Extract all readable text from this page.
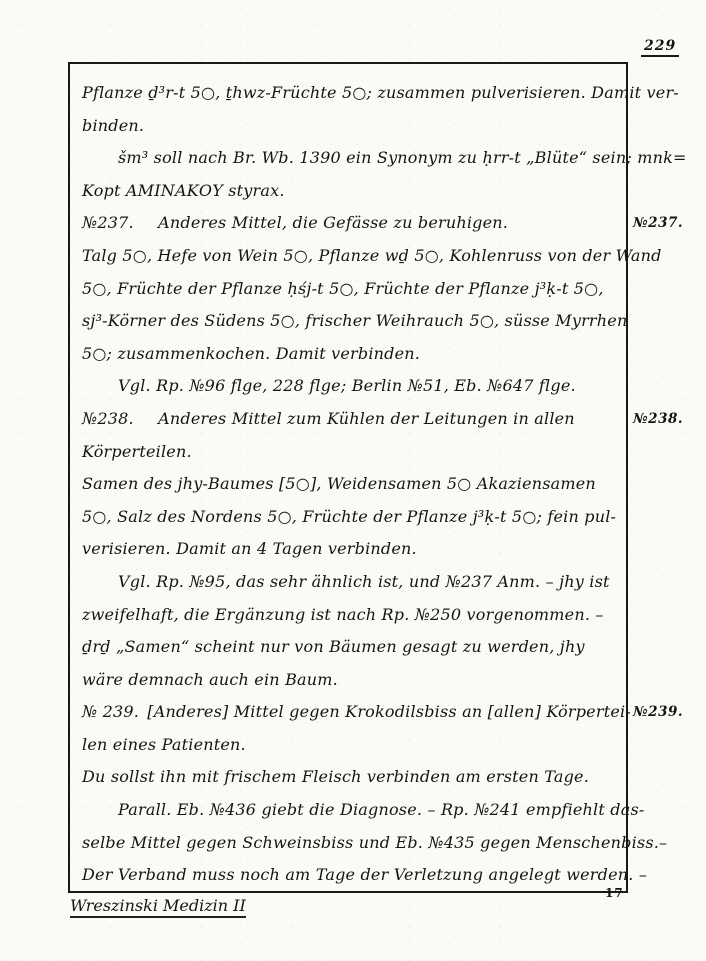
229
Pflanze ḏ³r-t 5○, ṯhwz-Früchte 5○; zusammen pulverisieren. Damit ver-
binden.
šm³ soll nach Br. Wb. 1390 ein Synonym zu ḥrr-t „Blüte“ sein; mnk=
Kopt ΑΜΙΝΑΚΟΥ styrax.
№237.  Anderes Mittel, die Gefässe zu beruhigen.	№237.
Talg 5○, Hefe von Wein 5○, Pflanze wḏ 5○, Kohlenruss von der Wand
5○, Früchte der Pflanze ḥśj-t 5○, Früchte der Pflanze j³ḳ-t 5○,
sj³-Körner des Südens 5○, frischer Weihrauch 5○, süsse Myrrhen
5○; zusammenkochen. Damit verbinden.
Vgl. Rp. №96 flge, 228 flge; Berlin №51, Eb. №647 flge.
№238.  Anderes Mittel zum Kühlen der Leitungen in allen	№238.
Körperteilen.
Samen des jhy-Baumes [5○], Weidensamen 5○ Akaziensamen
5○, Salz des Nordens 5○, Früchte der Pflanze j³ḳ-t 5○; fein pul-
verisieren. Damit an 4 Tagen verbinden.
Vgl. Rp. №95, das sehr ähnlich ist, und №237 Anm. – jhy ist
zweifelhaft, die Ergänzung ist nach Rp. №250 vorgenommen. –
ḏrḏ „Samen“ scheint nur von Bäumen gesagt zu werden, jhy
wäre demnach auch ein Baum.
№ 239. [Anderes] Mittel gegen Krokodilsbiss an [allen] Körpertei- №239.
len eines Patienten.
Du sollst ihn mit frischem Fleisch verbinden am ersten Tage.
Parall. Eb. №436 giebt die Diagnose. – Rp. №241 empfiehlt das-
selbe Mittel gegen Schweinsbiss und Eb. №435 gegen Menschenbiss.–
Der Verband muss noch am Tage der Verletzung angelegt werden. –
Wreszinski Medizin II
17
